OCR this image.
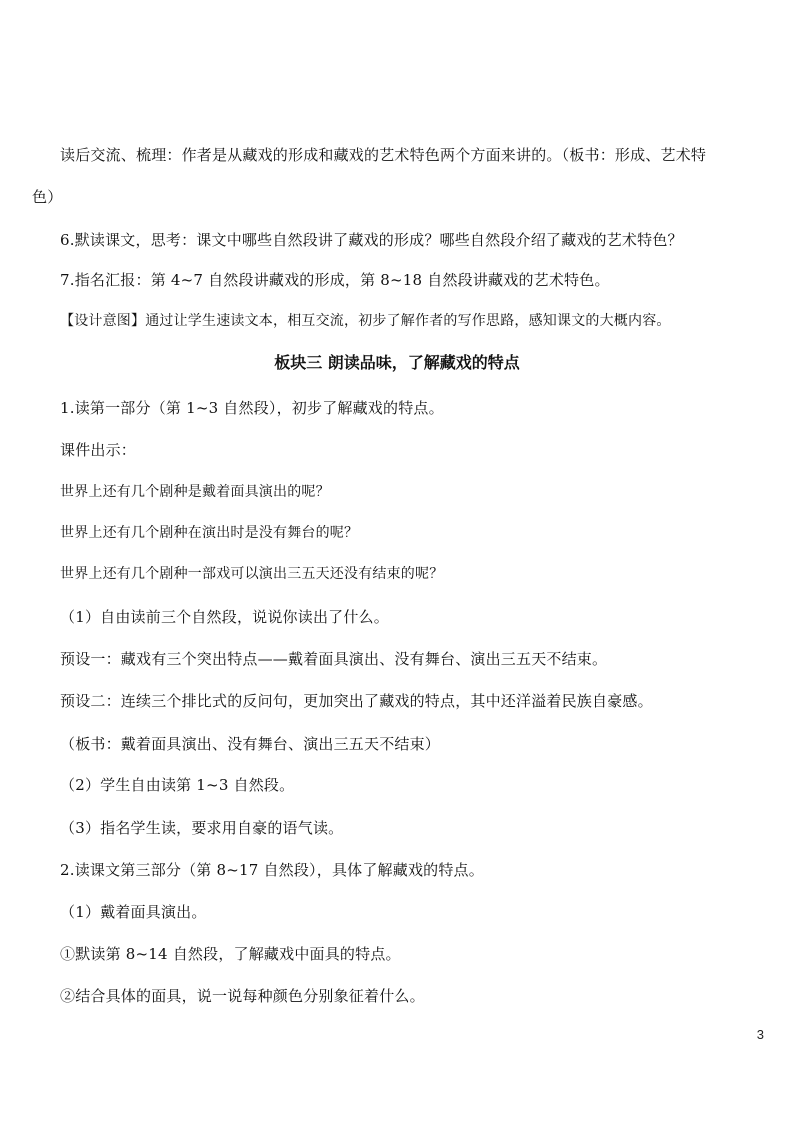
读后交流、梳理：作者是从藏戏的形成和藏戏的艺术特色两个方面来讲的。（板书：形成、艺术特
色）
6.默读课文，思考：课文中哪些自然段讲了藏戏的形成？哪些自然段介绍了藏戏的艺术特色？
7.指名汇报：第 4~7 自然段讲藏戏的形成，第 8~18 自然段讲藏戏的艺术特色。
【设计意图】通过让学生速读文本，相互交流，初步了解作者的写作思路，感知课文的大概内容。
板块三 朗读品味，了解藏戏的特点
1.读第一部分（第 1~3 自然段），初步了解藏戏的特点。
课件出示：
世界上还有几个剧种是戴着面具演出的呢？
世界上还有几个剧种在演出时是没有舞台的呢？
世界上还有几个剧种一部戏可以演出三五天还没有结束的呢？
（1）自由读前三个自然段，说说你读出了什么。
预设一：藏戏有三个突出特点——戴着面具演出、没有舞台、演出三五天不结束。
预设二：连续三个排比式的反问句，更加突出了藏戏的特点，其中还洋溢着民族自豪感。
（板书：戴着面具演出、没有舞台、演出三五天不结束）
（2）学生自由读第 1~3 自然段。
（3）指名学生读，要求用自豪的语气读。
2.读课文第三部分（第 8~17 自然段），具体了解藏戏的特点。
（1）戴着面具演出。
①默读第 8~14 自然段，了解藏戏中面具的特点。
②结合具体的面具，说一说每种颜色分别象征着什么。
3
